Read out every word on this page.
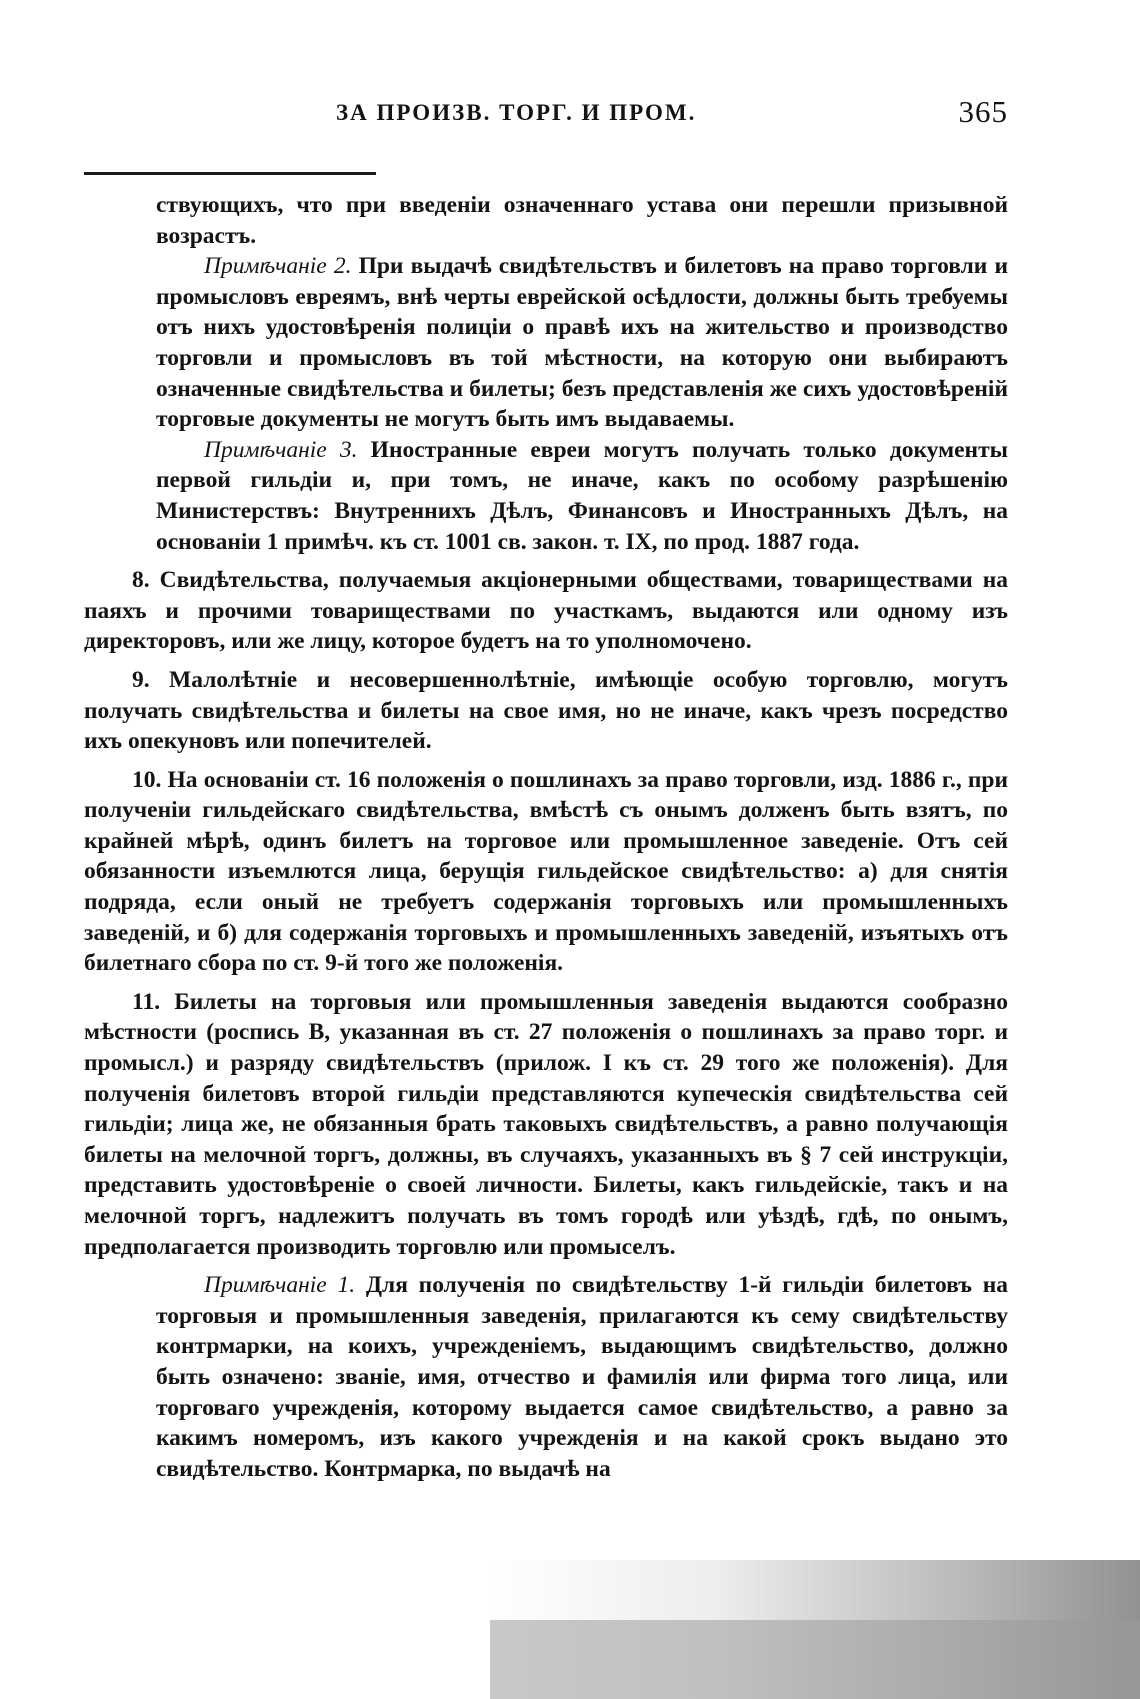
ЗА ПРОИЗВ. ТОРГ. И ПРОМ.	365

ствующихъ, что при введеніи означеннаго устава они перешли призывной возрастъ.

Примѣчаніе 2. При выдачѣ свидѣтельствъ и билетовъ на право торговли и промысловъ евреямъ, внѣ черты еврейской осѣдлости, должны быть требуемы отъ нихъ удостовѣренія полиціи о правѣ ихъ на жительство и производство торговли и промысловъ въ той мѣстности, на которую они выбираютъ означенные свидѣтельства и билеты; безъ представленія же сихъ удостовѣреній торговые документы не могутъ быть имъ выдаваемы.

Примѣчаніе 3. Иностранные евреи могутъ получать только документы первой гильдіи и, при томъ, не иначе, какъ по особому разрѣшенію Министерствъ: Внутреннихъ Дѣлъ, Финансовъ и Иностранныхъ Дѣлъ, на основаніи 1 примѣч. къ ст. 1001 св. закон. т. IX, по прод. 1887 года.

8. Свидѣтельства, получаемыя акціонерными обществами, товариществами на паяхъ и прочими товариществами по участкамъ, выдаются или одному изъ директоровъ, или же лицу, которое будетъ на то уполномочено.

9. Малолѣтніе и несовершеннолѣтніе, имѣющіе особую торговлю, могутъ получать свидѣтельства и билеты на свое имя, но не иначе, какъ чрезъ посредство ихъ опекуновъ или попечителей.

10. На основаніи ст. 16 положенія о пошлинахъ за право торговли, изд. 1886 г., при полученіи гильдейскаго свидѣтельства, вмѣстѣ съ онымъ долженъ быть взятъ, по крайней мѣрѣ, одинъ билетъ на торговое или промышленное заведеніе. Отъ сей обязанности изъемлются лица, берущія гильдейское свидѣтельство: а) для снятія подряда, если оный не требуетъ содержанія торговыхъ или промышленныхъ заведеній, и б) для содержанія торговыхъ и промышленныхъ заведеній, изъятыхъ отъ билетнаго сбора по ст. 9-й того же положенія.

11. Билеты на торговыя или промышленныя заведенія выдаются сообразно мѣстности (роспись В, указанная въ ст. 27 положенія о пошлинахъ за право торг. и промысл.) и разряду свидѣтельствъ (прилож. I къ ст. 29 того же положенія). Для полученія билетовъ второй гильдіи представляются купеческія свидѣтельства сей гильдіи; лица же, не обязанныя брать таковыхъ свидѣтельствъ, а равно получающія билеты на мелочной торгъ, должны, въ случаяхъ, указанныхъ въ § 7 сей инструкціи, представить удостовѣреніе о своей личности. Билеты, какъ гильдейскіе, такъ и на мелочной торгъ, надлежитъ получать въ томъ городѣ или уѣздѣ, гдѣ, по онымъ, предполагается производить торговлю или промыселъ.

Примѣчаніе 1. Для полученія по свидѣтельству 1-й гильдіи билетовъ на торговыя и промышленныя заведенія, прилагаются къ сему свидѣтельству контрмарки, на коихъ, учрежденіемъ, выдающимъ свидѣтельство, должно быть означено: званіе, имя, отчество и фамилія или фирма того лица, или торговаго учрежденія, которому выдается самое свидѣтельство, а равно за какимъ номеромъ, изъ какого учрежденія и на какой срокъ выдано это свидѣтельство. Контрмарка, по выдачѣ на
